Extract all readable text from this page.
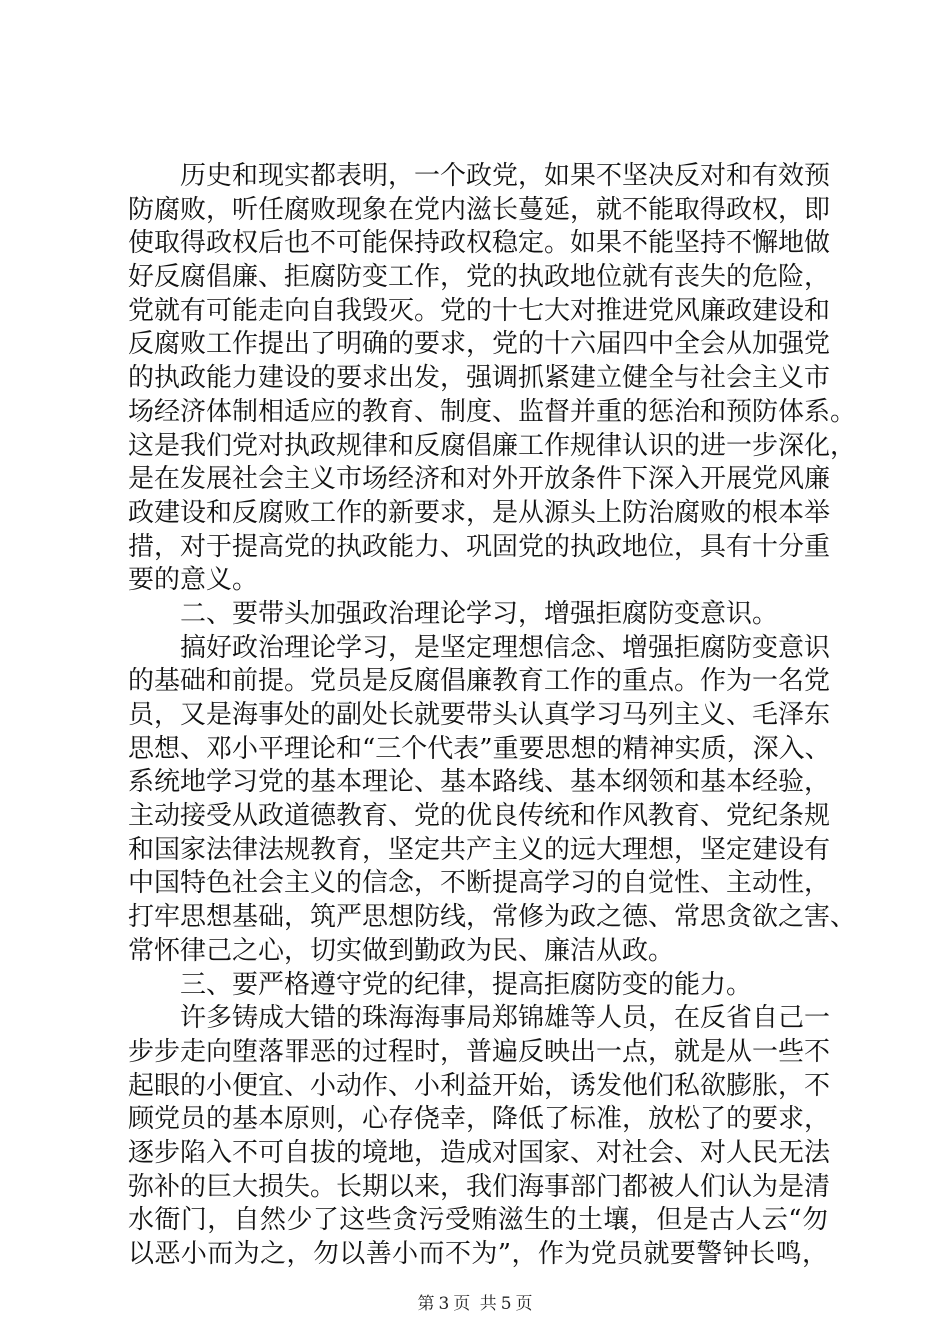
　　历史和现实都表明，一个政党，如果不坚决反对和有效预
防腐败，听任腐败现象在党内滋长蔓延，就不能取得政权，即
使取得政权后也不可能保持政权稳定。如果不能坚持不懈地做
好反腐倡廉、拒腐防变工作，党的执政地位就有丧失的危险，
党就有可能走向自我毁灭。党的十七大对推进党风廉政建设和
反腐败工作提出了明确的要求，党的十六届四中全会从加强党
的执政能力建设的要求出发，强调抓紧建立健全与社会主义市
场经济体制相适应的教育、制度、监督并重的惩治和预防体系。
这是我们党对执政规律和反腐倡廉工作规律认识的进一步深化，
是在发展社会主义市场经济和对外开放条件下深入开展党风廉
政建设和反腐败工作的新要求，是从源头上防治腐败的根本举
措，对于提高党的执政能力、巩固党的执政地位，具有十分重
要的意义。
　　二、要带头加强政治理论学习，增强拒腐防变意识。
　　搞好政治理论学习，是坚定理想信念、增强拒腐防变意识
的基础和前提。党员是反腐倡廉教育工作的重点。作为一名党
员，又是海事处的副处长就要带头认真学习马列主义、毛泽东
思想、邓小平理论和“三个代表”重要思想的精神实质，深入、
系统地学习党的基本理论、基本路线、基本纲领和基本经验，
主动接受从政道德教育、党的优良传统和作风教育、党纪条规
和国家法律法规教育，坚定共产主义的远大理想，坚定建设有
中国特色社会主义的信念，不断提高学习的自觉性、主动性，
打牢思想基础，筑严思想防线，常修为政之德、常思贪欲之害、
常怀律己之心，切实做到勤政为民、廉洁从政。
　　三、要严格遵守党的纪律，提高拒腐防变的能力。
　　许多铸成大错的珠海海事局郑锦雄等人员，在反省自己一
步步走向堕落罪恶的过程时，普遍反映出一点，就是从一些不
起眼的小便宜、小动作、小利益开始，诱发他们私欲膨胀，不
顾党员的基本原则，心存侥幸，降低了标准，放松了的要求，
逐步陷入不可自拔的境地，造成对国家、对社会、对人民无法
弥补的巨大损失。长期以来，我们海事部门都被人们认为是清
水衙门，自然少了这些贪污受贿滋生的土壤，但是古人云“勿
以恶小而为之，勿以善小而不为”，作为党员就要警钟长鸣，
第 3 页 共 5 页
